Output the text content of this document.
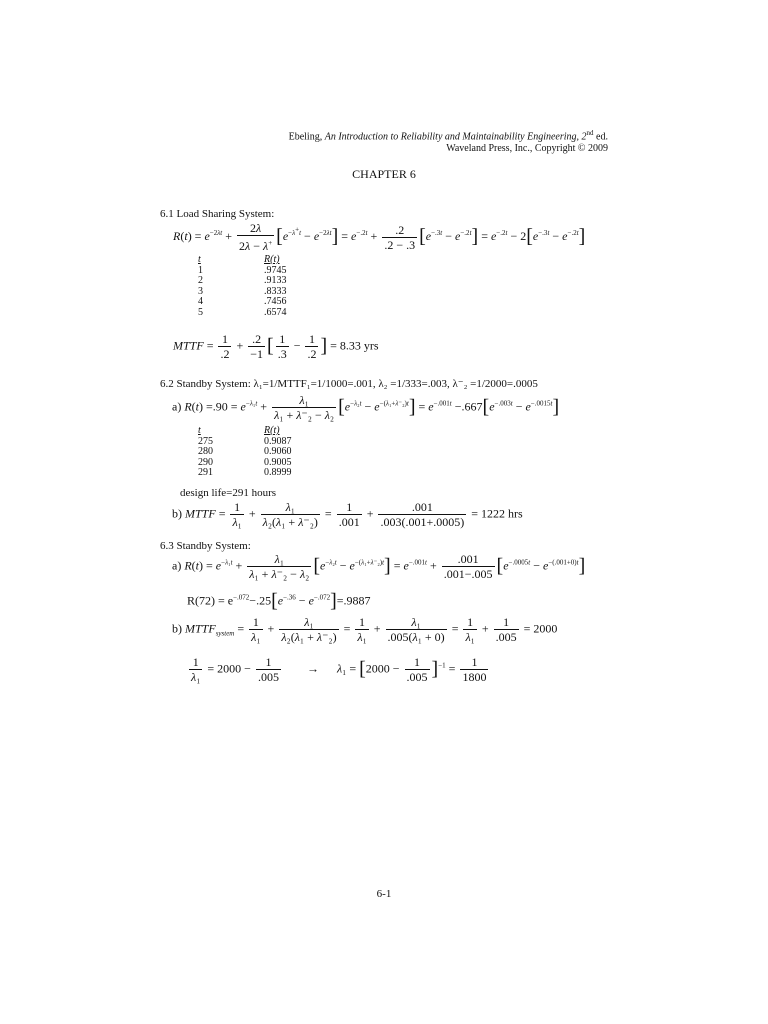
Ebeling, An Introduction to Reliability and Maintainability Engineering, 2nd ed.
Waveland Press, Inc., Copyright © 2009
CHAPTER 6
6.1 Load Sharing System:
$R(t) = e^{-2\lambda t} + \frac{2\lambda}{2\lambda - \lambda^+} [e^{-\lambda^+t} - e^{-2\lambda t}] = e^{-.2t} + \frac{.2}{.2 - .3} [e^{-.3t} - e^{-.2t}] = e^{-.2t} - 2[e^{-.3t} - e^{-.2t}]$
t
1
2
3
4
5
R(t)
.9745
.9133
.8333
.7456
.6574
MTTF = $\frac{1}{.2} + \frac{.2}{-1}$ [ $\frac{1}{.3} - \frac{1}{.2}$ ] = 8.33 yrs
6.2 Standby System: λ₁=1/MTTF₁=1/1000=.001, λ₂ =1/333=.003, λ⁻₂ =1/2000=.0005
a) $R(t) =.90 = e^{-\lambda_1t} + \frac{\text{λ₁}}{\text{λ₁ + λ⁻₂ − λ₂}} [e^{-\lambda_2t} - e^{-(\lambda_1+\lambda^-_2)t}] = e^{-.001t} -.667[e^{-.003t} - e^{-.0015t}]$
t
275
280
290
291
R(t)
0.9087
0.9060
0.9005
0.8999
design life=291 hours
b) MTTF = $\frac{1}{\text{λ₁}} + \frac{\text{λ₁}}{\text{λ₂(λ₁ + λ⁻₂)}} = \frac{1}{.001} + \frac{.001}{.003(.001+.0005)} = 1222$ hrs
6.3 Standby System:
a) $R(t) = e^{-\lambda_1t} + \frac{\text{λ₁}}{\text{λ₁ + λ⁻₂ − λ₂}} [e^{-\lambda_2t} - e^{-(\lambda_1+\lambda^-_2)t}] = e^{-.001t} + \frac{.001}{.001-.005} [e^{-.0005t} - e^{-(.001+0)t}]$
$R(72) = e^{-.072}-.25[e^{-.36} - e^{-.072}]=.9887$
b) $MTTF_{system} = \frac{1}{\text{λ₁}} + \frac{\text{λ₁}}{\text{λ₂(λ₁ + λ⁻₂)}} = \frac{1}{\text{λ₁}} + \frac{\text{λ₁}}{\text{.005(λ₁ + 0)}} = \frac{1}{\text{λ₁}} + \frac{1}{.005} = 2000$
$\frac{1}{\text{λ₁}} = 2000 - \frac{1}{.005}$ →      $\lambda_1 = [2000 - \frac{1}{.005} ]^{-1} = \frac{1}{1800}$
6-1
